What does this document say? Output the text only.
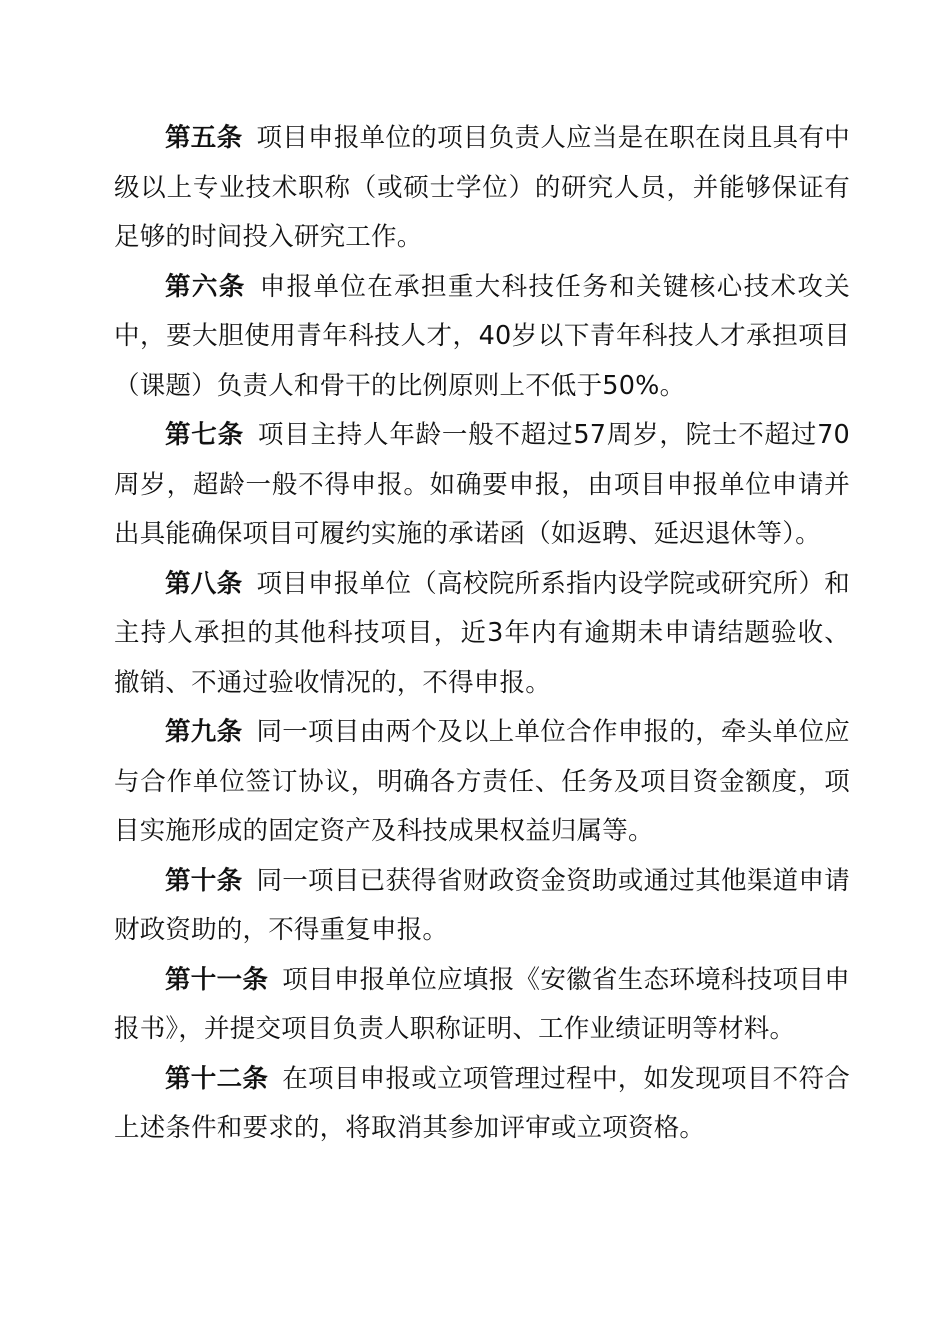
第五条 项目申报单位的项目负责人应当是在职在岗且具有中级以上专业技术职称（或硕士学位）的研究人员，并能够保证有足够的时间投入研究工作。

第六条 申报单位在承担重大科技任务和关键核心技术攻关中，要大胆使用青年科技人才，40岁以下青年科技人才承担项目（课题）负责人和骨干的比例原则上不低于50%。

第七条 项目主持人年龄一般不超过57周岁，院士不超过70周岁，超龄一般不得申报。如确要申报，由项目申报单位申请并出具能确保项目可履约实施的承诺函（如返聘、延迟退休等）。

第八条 项目申报单位（高校院所系指内设学院或研究所）和主持人承担的其他科技项目，近3年内有逾期未申请结题验收、撤销、不通过验收情况的，不得申报。

第九条 同一项目由两个及以上单位合作申报的，牵头单位应与合作单位签订协议，明确各方责任、任务及项目资金额度，项目实施形成的固定资产及科技成果权益归属等。

第十条 同一项目已获得省财政资金资助或通过其他渠道申请财政资助的，不得重复申报。

第十一条 项目申报单位应填报《安徽省生态环境科技项目申报书》，并提交项目负责人职称证明、工作业绩证明等材料。

第十二条 在项目申报或立项管理过程中，如发现项目不符合上述条件和要求的，将取消其参加评审或立项资格。
